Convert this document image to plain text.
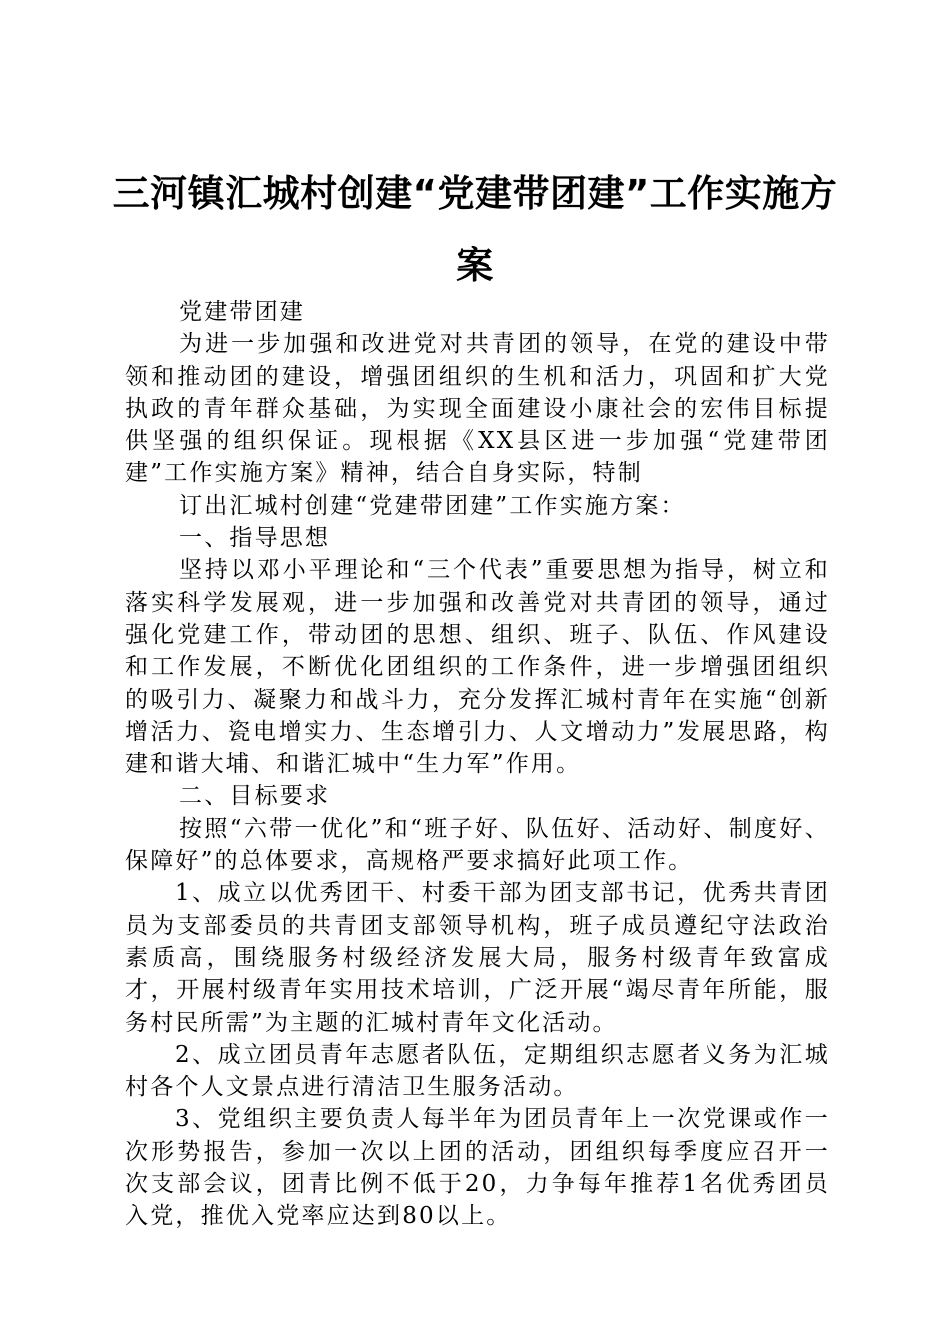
三河镇汇城村创建“党建带团建”工作实施方案

党建带团建

为进一步加强和改进党对共青团的领导，在党的建设中带领和推动团的建设，增强团组织的生机和活力，巩固和扩大党执政的青年群众基础，为实现全面建设小康社会的宏伟目标提供坚强的组织保证。现根据《XX县区进一步加强“党建带团建”工作实施方案》精神，结合自身实际，特制

订出汇城村创建“党建带团建”工作实施方案：

一、指导思想

坚持以邓小平理论和“三个代表”重要思想为指导，树立和落实科学发展观，进一步加强和改善党对共青团的领导，通过强化党建工作，带动团的思想、组织、班子、队伍、作风建设和工作发展，不断优化团组织的工作条件，进一步增强团组织的吸引力、凝聚力和战斗力，充分发挥汇城村青年在实施“创新增活力、瓷电增实力、生态增引力、人文增动力”发展思路，构建和谐大埔、和谐汇城中“生力军”作用。

二、目标要求

按照“六带一优化”和“班子好、队伍好、活动好、制度好、保障好”的总体要求，高规格严要求搞好此项工作。

1、成立以优秀团干、村委干部为团支部书记，优秀共青团员为支部委员的共青团支部领导机构，班子成员遵纪守法政治素质高，围绕服务村级经济发展大局，服务村级青年致富成才，开展村级青年实用技术培训，广泛开展“竭尽青年所能，服务村民所需”为主题的汇城村青年文化活动。

2、成立团员青年志愿者队伍，定期组织志愿者义务为汇城村各个人文景点进行清洁卫生服务活动。

3、党组织主要负责人每半年为团员青年上一次党课或作一次形势报告，参加一次以上团的活动，团组织每季度应召开一次支部会议，团青比例不低于20，力争每年推荐1名优秀团员入党，推优入党率应达到80以上。
